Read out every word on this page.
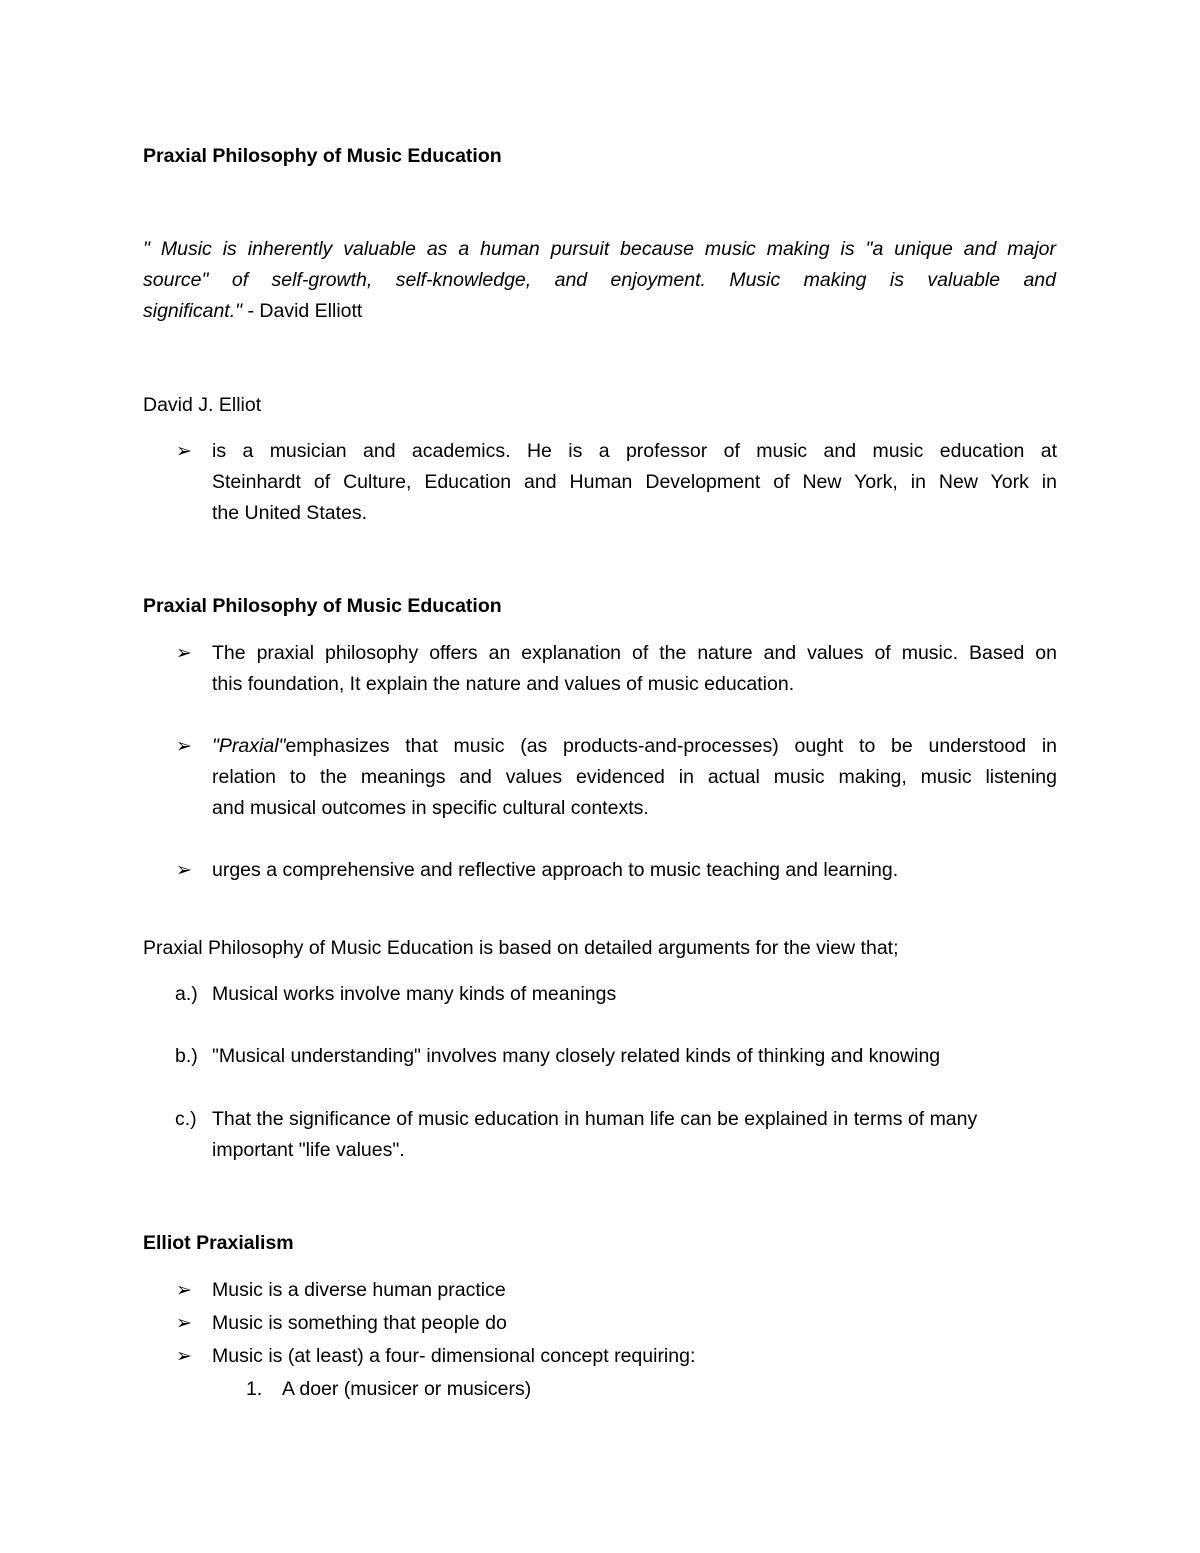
Praxial Philosophy of Music Education
" Music is inherently valuable as a human pursuit because music making is "a unique and major
source" of self-growth, self-knowledge, and enjoyment. Music making is valuable and
significant." - David Elliott
David J. Elliot
➢ is a musician and academics. He is a professor of music and music education at
Steinhardt of Culture, Education and Human Development of New York, in New York in
the United States.
Praxial Philosophy of Music Education
➢ The praxial philosophy offers an explanation of the nature and values of music. Based on
this foundation, It explain the nature and values of music education.
➢ "Praxial" emphasizes that music (as products-and-processes) ought to be understood in
relation to the meanings and values evidenced in actual music making, music listening
and musical outcomes in specific cultural contexts.
➢ urges a comprehensive and reflective approach to music teaching and learning.
Praxial Philosophy of Music Education is based on detailed arguments for the view that;
a.) Musical works involve many kinds of meanings
b.) "Musical understanding" involves many closely related kinds of thinking and knowing
c.) That the significance of music education in human life can be explained in terms of many
important "life values".
Elliot Praxialism
➢ Music is a diverse human practice
➢ Music is something that people do
➢ Music is (at least) a four- dimensional concept requiring:
1. A doer (musicer or musicers)
